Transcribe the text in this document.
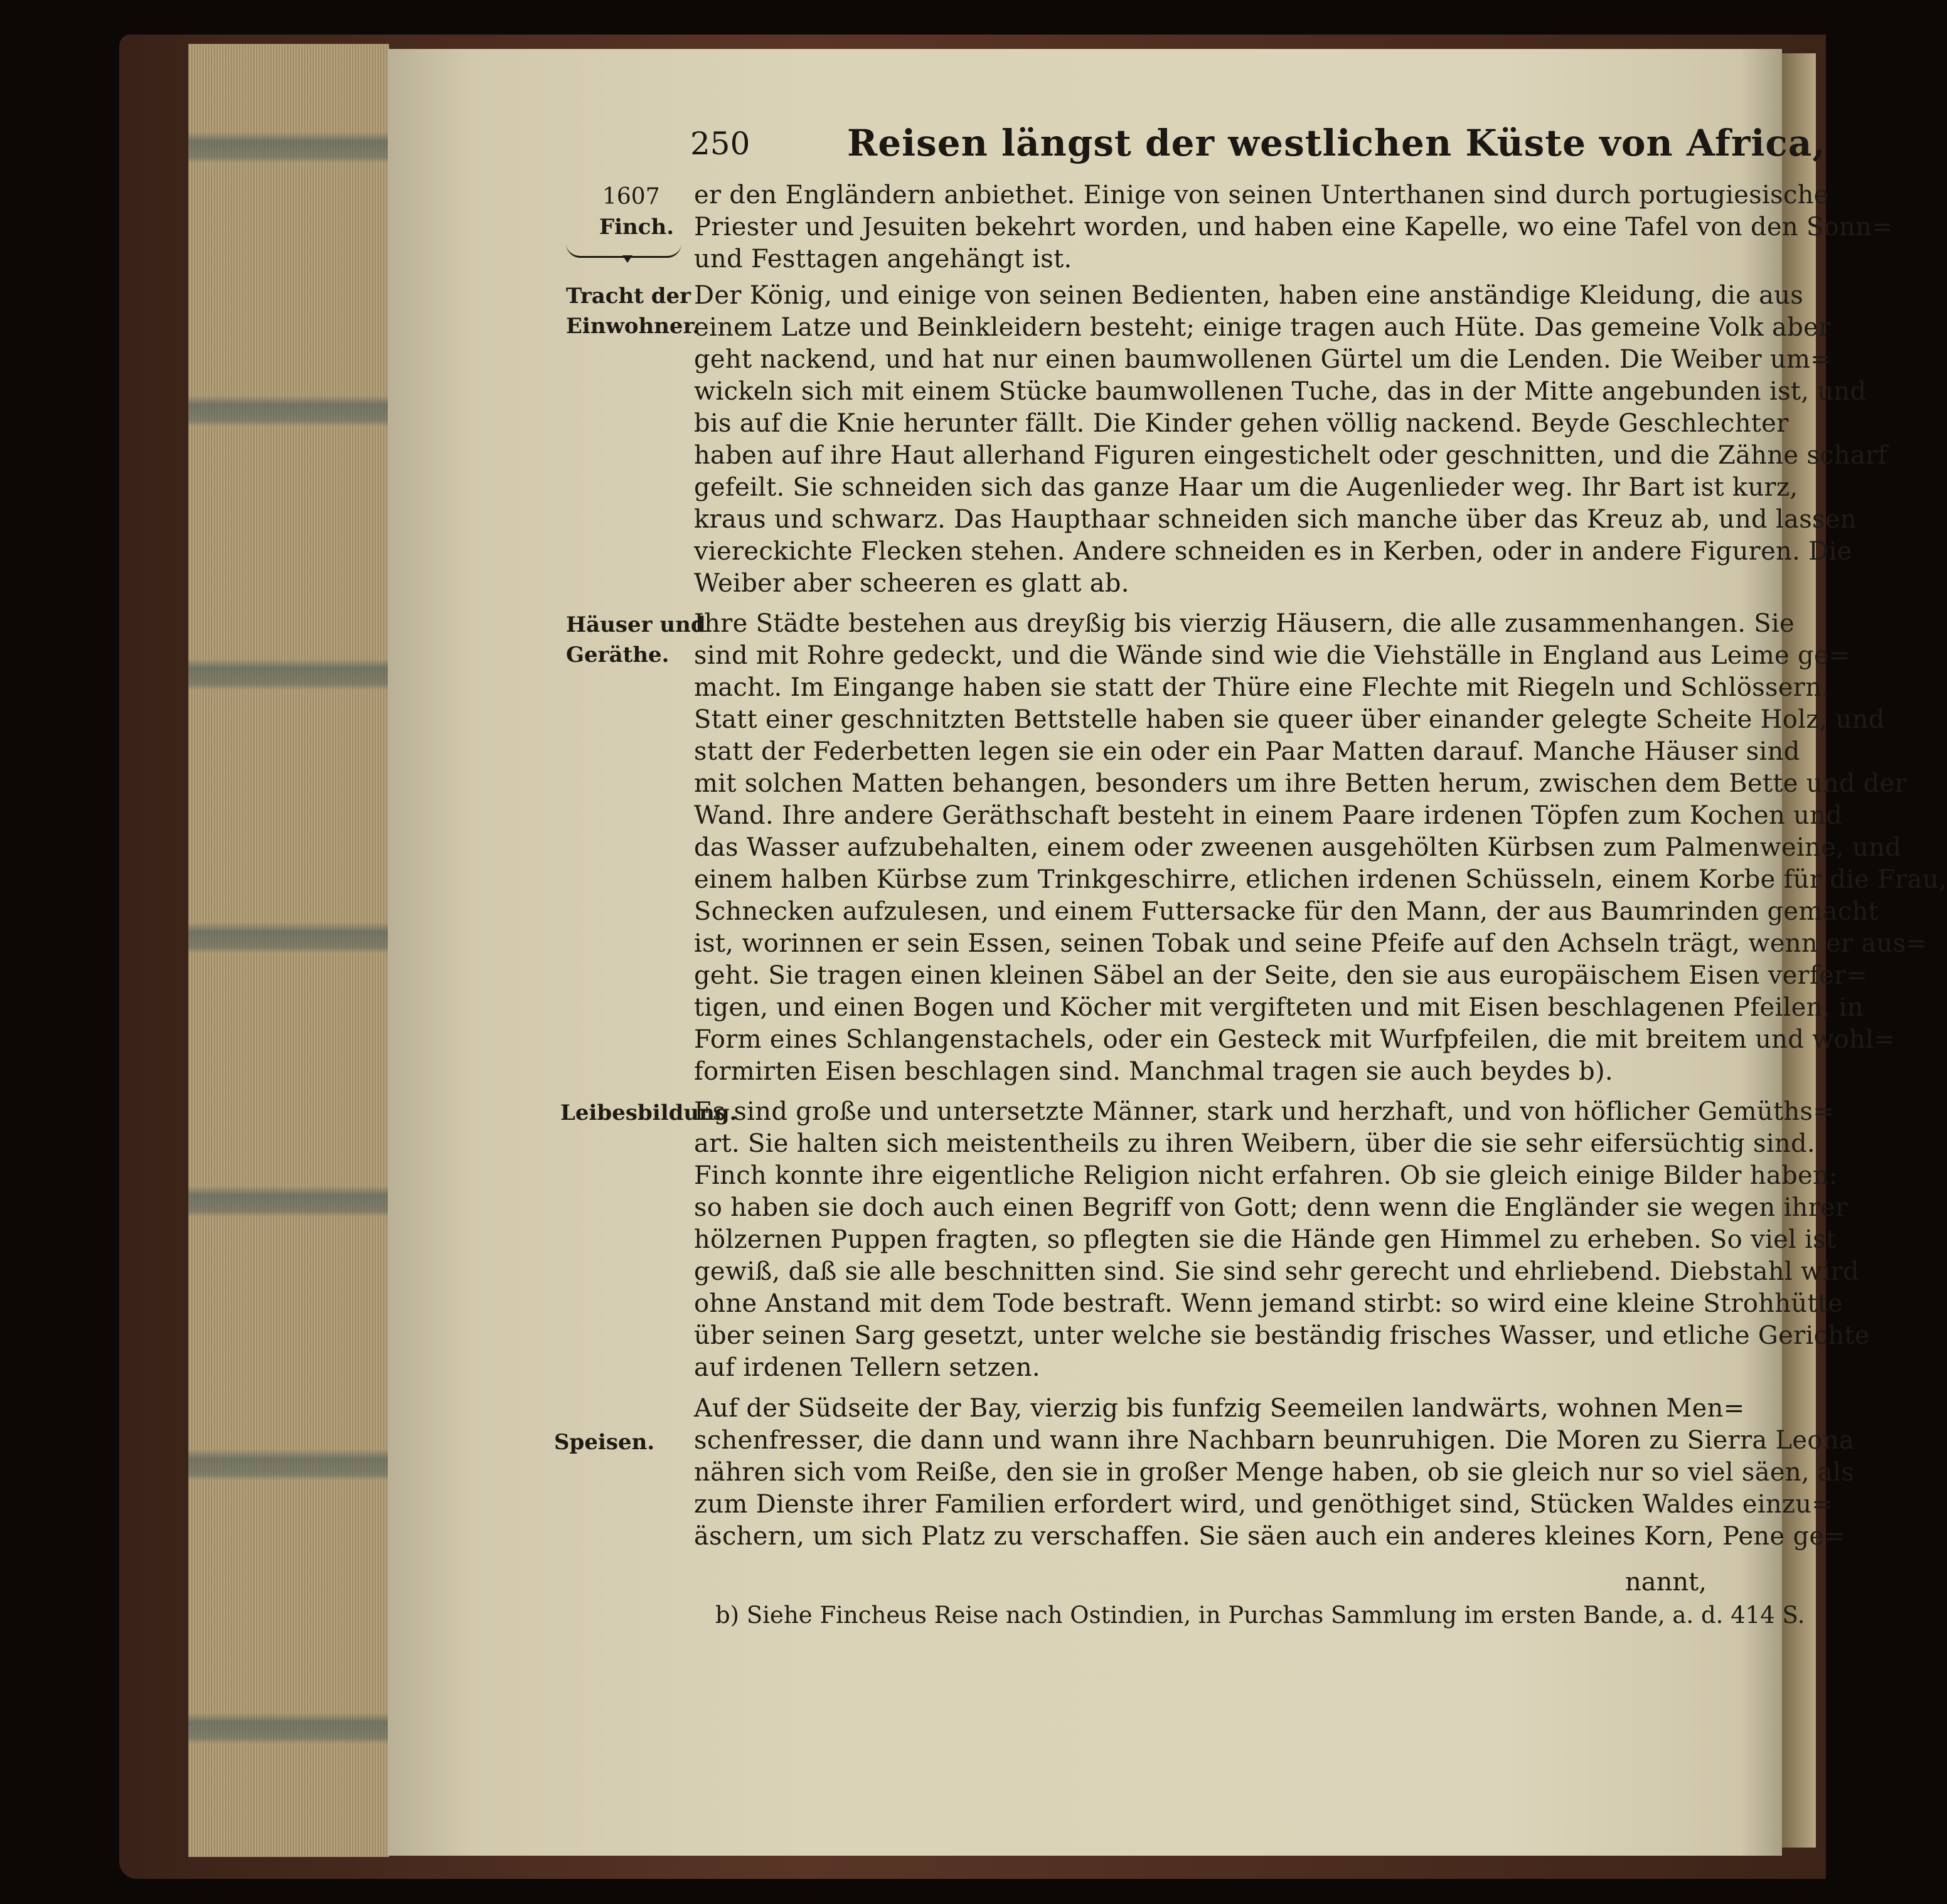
250	Reisen längst der westlichen Küste von Africa,
1607
Finch.
Tracht der
Einwohner.
Häuser und
Geräthe.
Leibesbildung.
Speisen.
er den Engländern anbiethet. Einige von seinen Unterthanen sind durch portugiesische
Priester und Jesuiten bekehrt worden, und haben eine Kapelle, wo eine Tafel von den Sonn=
und Festtagen angehängt ist.
Der König, und einige von seinen Bedienten, haben eine anständige Kleidung, die aus
einem Latze und Beinkleidern besteht; einige tragen auch Hüte. Das gemeine Volk aber
geht nackend, und hat nur einen baumwollenen Gürtel um die Lenden. Die Weiber um=
wickeln sich mit einem Stücke baumwollenen Tuche, das in der Mitte angebunden ist, und
bis auf die Knie herunter fällt. Die Kinder gehen völlig nackend. Beyde Geschlechter
haben auf ihre Haut allerhand Figuren eingestichelt oder geschnitten, und die Zähne scharf
gefeilt. Sie schneiden sich das ganze Haar um die Augenlieder weg. Ihr Bart ist kurz,
kraus und schwarz. Das Haupthaar schneiden sich manche über das Kreuz ab, und lassen
viereckichte Flecken stehen. Andere schneiden es in Kerben, oder in andere Figuren. Die
Weiber aber scheeren es glatt ab.
Ihre Städte bestehen aus dreyßig bis vierzig Häusern, die alle zusammenhangen. Sie
sind mit Rohre gedeckt, und die Wände sind wie die Viehställe in England aus Leime ge=
macht. Im Eingange haben sie statt der Thüre eine Flechte mit Riegeln und Schlössern.
Statt einer geschnitzten Bettstelle haben sie queer über einander gelegte Scheite Holz, und
statt der Federbetten legen sie ein oder ein Paar Matten darauf. Manche Häuser sind
mit solchen Matten behangen, besonders um ihre Betten herum, zwischen dem Bette und der
Wand. Ihre andere Geräthschaft besteht in einem Paare irdenen Töpfen zum Kochen und
das Wasser aufzubehalten, einem oder zweenen ausgehölten Kürbsen zum Palmenweine, und
einem halben Kürbse zum Trinkgeschirre, etlichen irdenen Schüsseln, einem Korbe für die Frau,
Schnecken aufzulesen, und einem Futtersacke für den Mann, der aus Baumrinden gemacht
ist, worinnen er sein Essen, seinen Tobak und seine Pfeife auf den Achseln trägt, wenn er aus=
geht. Sie tragen einen kleinen Säbel an der Seite, den sie aus europäischem Eisen verfer=
tigen, und einen Bogen und Köcher mit vergifteten und mit Eisen beschlagenen Pfeilen, in
Form eines Schlangenstachels, oder ein Gesteck mit Wurfpfeilen, die mit breitem und wohl=
formirten Eisen beschlagen sind. Manchmal tragen sie auch beydes b).
Es sind große und untersetzte Männer, stark und herzhaft, und von höflicher Gemüths=
art. Sie halten sich meistentheils zu ihren Weibern, über die sie sehr eifersüchtig sind.
Finch konnte ihre eigentliche Religion nicht erfahren. Ob sie gleich einige Bilder haben:
so haben sie doch auch einen Begriff von Gott; denn wenn die Engländer sie wegen ihrer
hölzernen Puppen fragten, so pflegten sie die Hände gen Himmel zu erheben. So viel ist
gewiß, daß sie alle beschnitten sind. Sie sind sehr gerecht und ehrliebend. Diebstahl wird
ohne Anstand mit dem Tode bestraft. Wenn jemand stirbt: so wird eine kleine Strohhütte
über seinen Sarg gesetzt, unter welche sie beständig frisches Wasser, und etliche Gerichte
auf irdenen Tellern setzen.
Auf der Südseite der Bay, vierzig bis funfzig Seemeilen landwärts, wohnen Men=
schenfresser, die dann und wann ihre Nachbarn beunruhigen. Die Moren zu Sierra Leona
nähren sich vom Reiße, den sie in großer Menge haben, ob sie gleich nur so viel säen, als
zum Dienste ihrer Familien erfordert wird, und genöthiget sind, Stücken Waldes einzu=
äschern, um sich Platz zu verschaffen. Sie säen auch ein anderes kleines Korn, Pene ge=
nannt,
b) Siehe Fincheus Reise nach Ostindien, in Purchas Sammlung im ersten Bande, a. d. 414 S.
